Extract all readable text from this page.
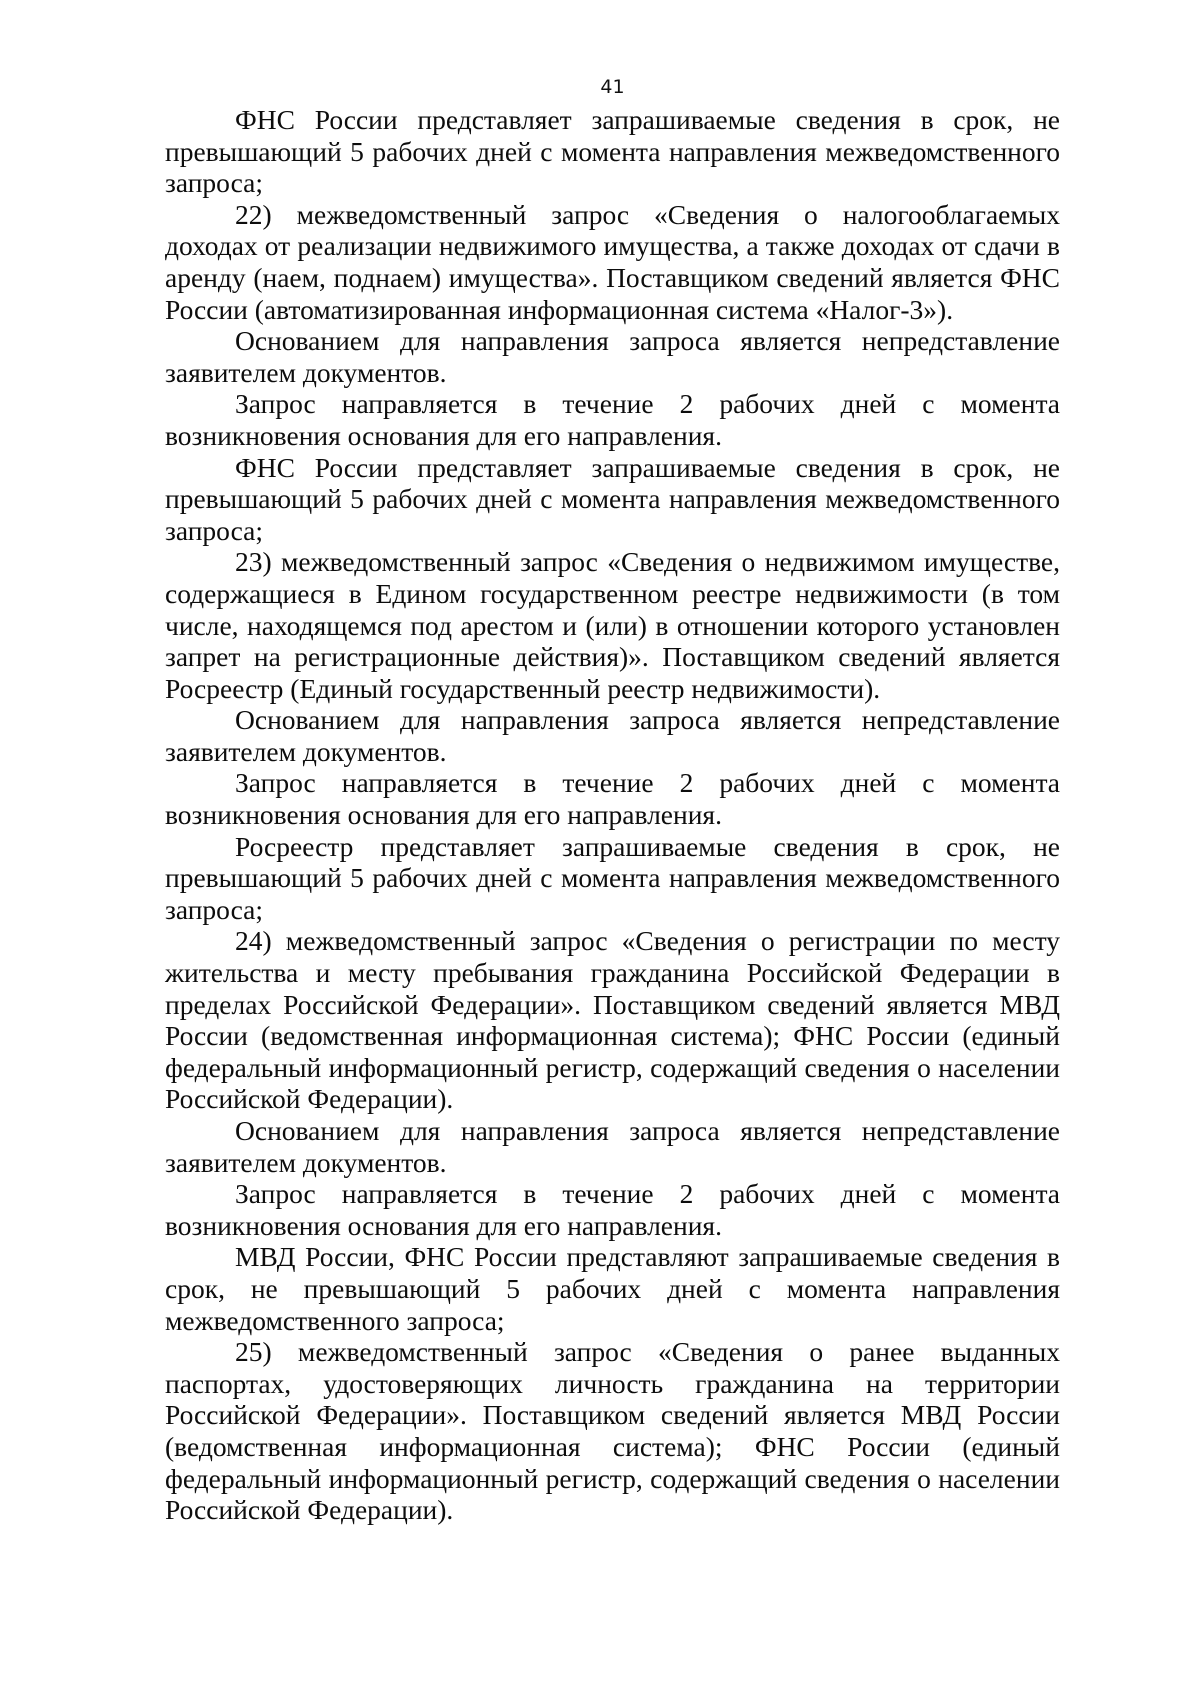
41

ФНС России представляет запрашиваемые сведения в срок, не превышающий 5 рабочих дней с момента направления межведомственного запроса;

22) межведомственный запрос «Сведения о налогооблагаемых доходах от реализации недвижимого имущества, а также доходах от сдачи в аренду (наем, поднаем) имущества». Поставщиком сведений является ФНС России (автоматизированная информационная система «Налог-3»).

Основанием для направления запроса является непредставление заявителем документов.

Запрос направляется в течение 2 рабочих дней с момента возникновения основания для его направления.

ФНС России представляет запрашиваемые сведения в срок, не превышающий 5 рабочих дней с момента направления межведомственного запроса;

23) межведомственный запрос «Сведения о недвижимом имуществе, содержащиеся в Едином государственном реестре недвижимости (в том числе, находящемся под арестом и (или) в отношении которого установлен запрет на регистрационные действия)». Поставщиком сведений является Росреестр (Единый государственный реестр недвижимости).

Основанием для направления запроса является непредставление заявителем документов.

Запрос направляется в течение 2 рабочих дней с момента возникновения основания для его направления.

Росреестр представляет запрашиваемые сведения в срок, не превышающий 5 рабочих дней с момента направления межведомственного запроса;

24) межведомственный запрос «Сведения о регистрации по месту жительства и месту пребывания гражданина Российской Федерации в пределах Российской Федерации». Поставщиком сведений является МВД России (ведомственная информационная система); ФНС России (единый федеральный информационный регистр, содержащий сведения о населении Российской Федерации).

Основанием для направления запроса является непредставление заявителем документов.

Запрос направляется в течение 2 рабочих дней с момента возникновения основания для его направления.

МВД России, ФНС России представляют запрашиваемые сведения в срок, не превышающий 5 рабочих дней с момента направления межведомственного запроса;

25) межведомственный запрос «Сведения о ранее выданных паспортах, удостоверяющих личность гражданина на территории Российской Федерации». Поставщиком сведений является МВД России (ведомственная информационная система); ФНС России (единый федеральный информационный регистр, содержащий сведения о населении Российской Федерации).
